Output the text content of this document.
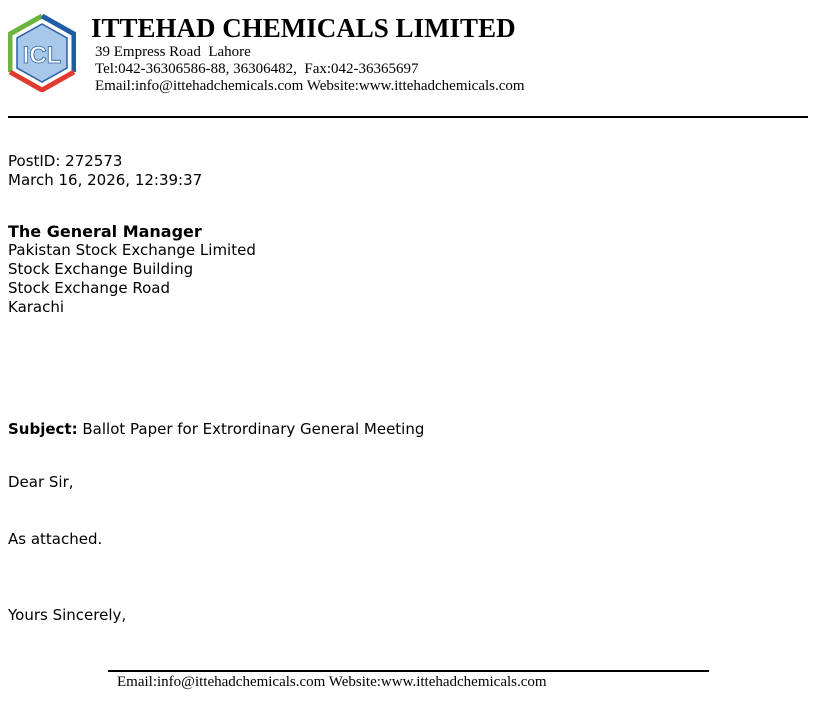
ICL
ITTEHAD CHEMICALS LIMITED
39 Empress Road  Lahore
Tel:042-36306586-88, 36306482,  Fax:042-36365697
Email:info@ittehadchemicals.com Website:www.ittehadchemicals.com
PostID: 272573
March 16, 2026, 12:39:37
The General Manager
Pakistan Stock Exchange Limited
Stock Exchange Building
Stock Exchange Road
Karachi
Subject: Ballot Paper for Extrordinary General Meeting
Dear Sir,
As attached.
Yours Sincerely,
Email:info@ittehadchemicals.com Website:www.ittehadchemicals.com
